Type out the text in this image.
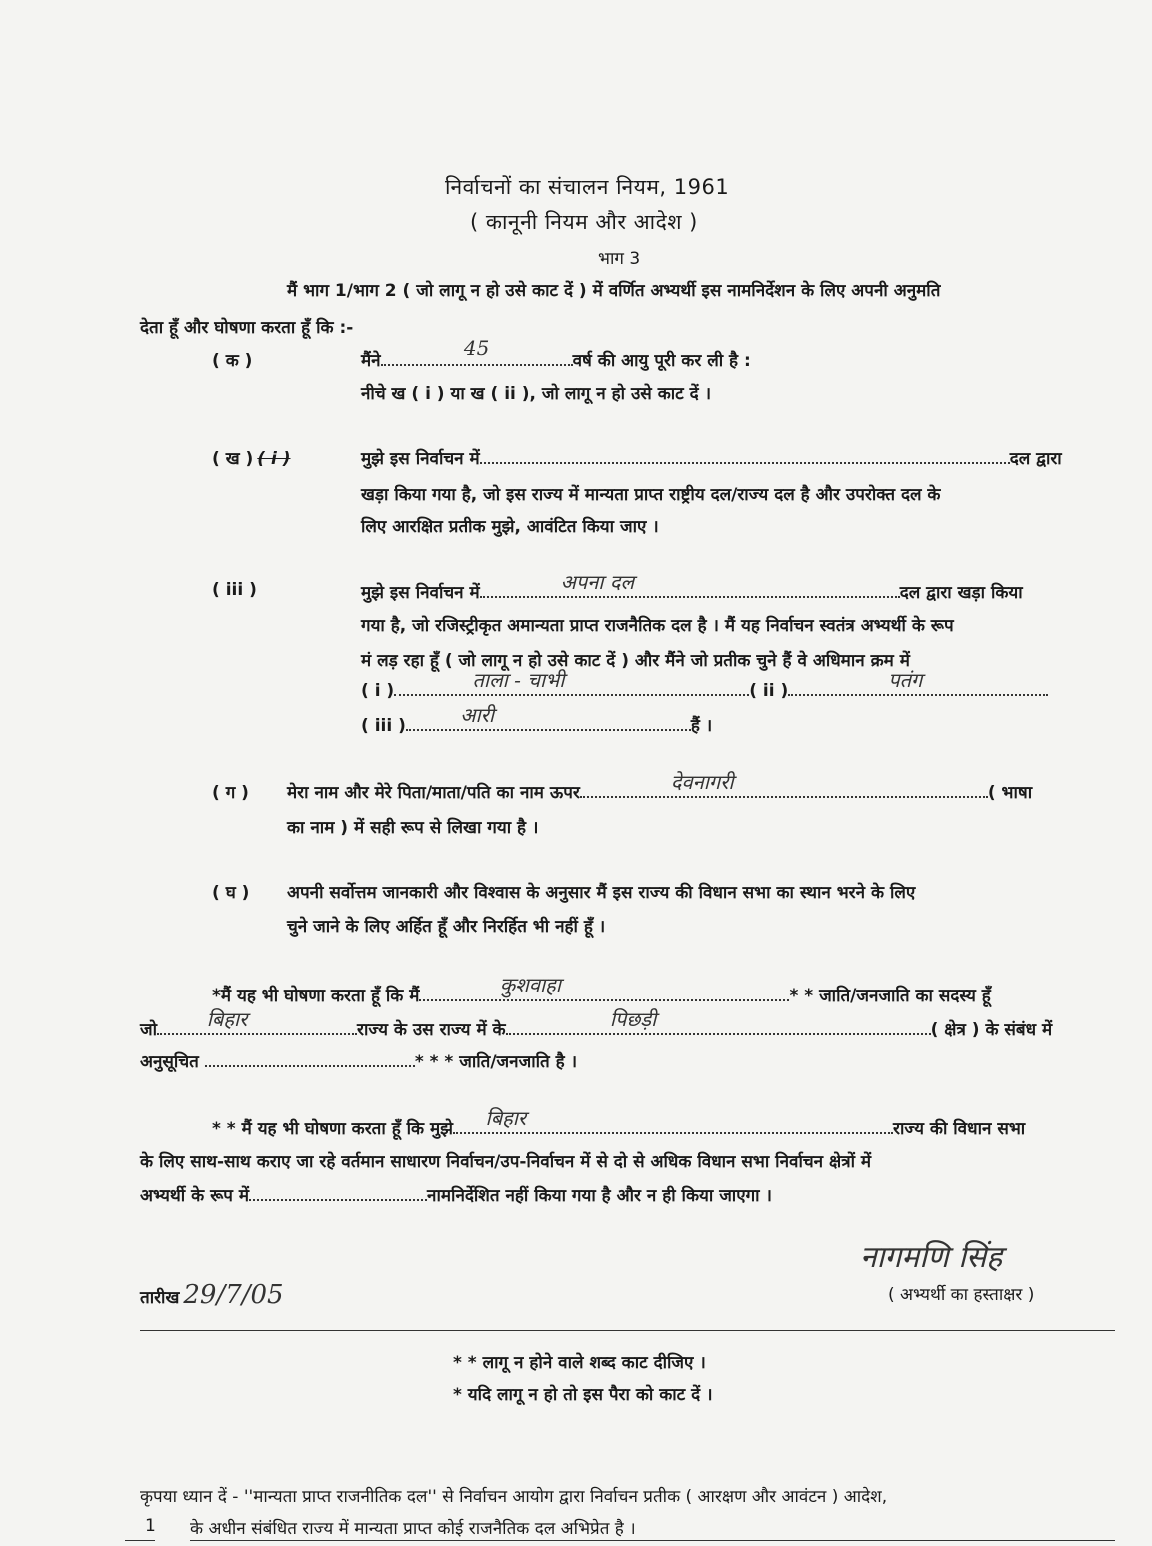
निर्वाचनों का संचालन नियम, 1961
( कानूनी नियम और आदेश )
भाग 3
मैं भाग 1/भाग 2 ( जो लागू न हो उसे काट दें ) में वर्णित अभ्यर्थी इस नामनिर्देशन के लिए अपनी अनुमति
देता हूँ और घोषणा करता हूँ कि :-
( क )	मैंने
45
वर्ष की आयु पूरी कर ली है :
नीचे ख ( i ) या ख ( ii ), जो लागू न हो उसे काट दें ।
( ख ) ( i )	मुझे इस निर्वाचन में	दल द्वारा
खड़ा किया गया है, जो इस राज्य में मान्यता प्राप्त राष्ट्रीय दल/राज्य दल है और उपरोक्त दल के
लिए आरक्षित प्रतीक मुझे, आवंटित किया जाए ।
( iii )	मुझे इस निर्वाचन में	अपना दल	दल द्वारा खड़ा किया
गया है, जो रजिस्ट्रीकृत अमान्यता प्राप्त राजनैतिक दल है । मैं यह निर्वाचन स्वतंत्र अभ्यर्थी के रूप
मं लड़ रहा हूँ ( जो लागू न हो उसे काट दें ) और मैंने जो प्रतीक चुने हैं वे अधिमान क्रम में
( i )	ताला - चाभी	( ii )	पतंग
( iii )	आरी	हैं ।
( ग ) मेरा नाम और मेरे पिता/माता/पति का नाम ऊपर	देवनागरी	( भाषा
का नाम ) में सही रूप से लिखा गया है ।
( घ ) अपनी सर्वोत्तम जानकारी और विश्वास के अनुसार मैं इस राज्य की विधान सभा का स्थान भरने के लिए
चुने जाने के लिए अर्हित हूँ और निरर्हित भी नहीं हूँ ।
*मैं यह भी घोषणा करता हूँ कि मैं	कुशवाहा	* * जाति/जनजाति का सदस्य हूँ
जो बिहार	राज्य के उस राज्य में के	पिछड़ी	( क्षेत्र ) के संबंध में
अनुसूचित	* * * जाति/जनजाति है ।
* * मैं यह भी घोषणा करता हूँ कि मुझे बिहार	राज्य की विधान सभा
के लिए साथ-साथ कराए जा रहे वर्तमान साधारण निर्वाचन/उप-निर्वाचन में से दो से अधिक विधान सभा निर्वाचन क्षेत्रों में
अभ्यर्थी के रूप में	नामनिर्देशित नहीं किया गया है और न ही किया जाएगा ।
नागमणि सिंह
( अभ्यर्थी का हस्ताक्षर )
तारीख 29/7/05
* * लागू न होने वाले शब्द काट दीजिए ।
* यदि लागू न हो तो इस पैरा को काट दें ।
कृपया ध्यान दें - ''मान्यता प्राप्त राजनीतिक दल'' से निर्वाचन आयोग द्वारा निर्वाचन प्रतीक ( आरक्षण और आवंटन ) आदेश,
1 के अधीन संबंधित राज्य में मान्यता प्राप्त कोई राजनैतिक दल अभिप्रेत है ।
